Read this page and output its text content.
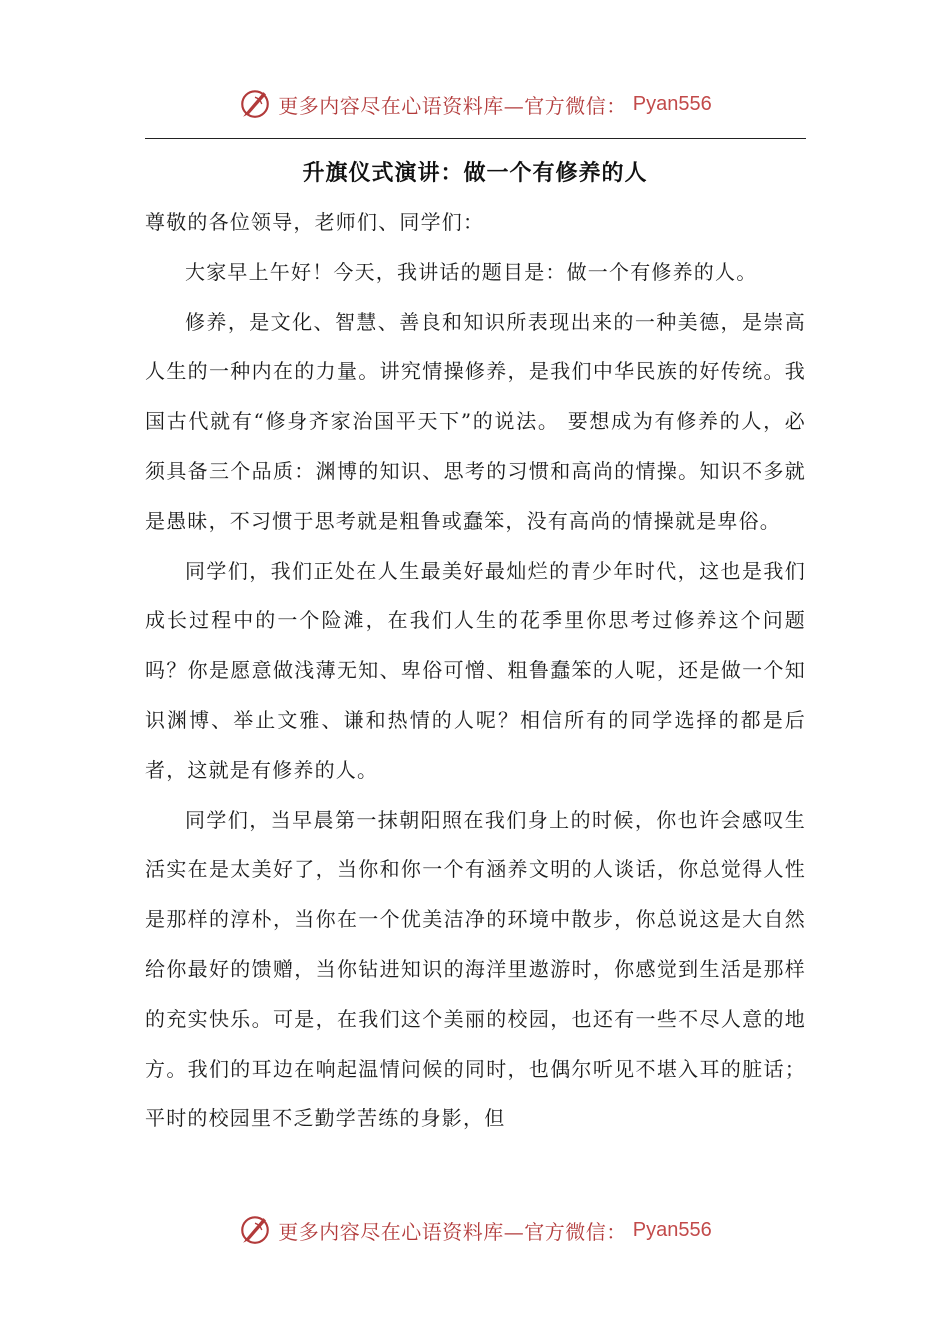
更多内容尽在心语资料库—官方微信： Pyan556
升旗仪式演讲：做一个有修养的人

尊敬的各位领导，老师们、同学们：

大家早上午好！今天，我讲话的题目是：做一个有修养的人。

修养，是文化、智慧、善良和知识所表现出来的一种美德，是崇高人生的一种内在的力量。讲究情操修养，是我们中华民族的好传统。我国古代就有“修身齐家治国平天下”的说法。 要想成为有修养的人，必须具备三个品质：渊博的知识、思考的习惯和高尚的情操。知识不多就是愚昧，不习惯于思考就是粗鲁或蠢笨，没有高尚的情操就是卑俗。

同学们，我们正处在人生最美好最灿烂的青少年时代，这也是我们成长过程中的一个险滩，在我们人生的花季里你思考过修养这个问题吗？你是愿意做浅薄无知、卑俗可憎、粗鲁蠢笨的人呢，还是做一个知识渊博、举止文雅、谦和热情的人呢？相信所有的同学选择的都是后者，这就是有修养的人。

同学们，当早晨第一抹朝阳照在我们身上的时候，你也许会感叹生活实在是太美好了，当你和你一个有涵养文明的人谈话，你总觉得人性是那样的淳朴，当你在一个优美洁净的环境中散步，你总说这是大自然给你最好的馈赠，当你钻进知识的海洋里遨游时，你感觉到生活是那样的充实快乐。可是，在我们这个美丽的校园，也还有一些不尽人意的地方。我们的耳边在响起温情问候的同时，也偶尔听见不堪入耳的脏话；平时的校园里不乏勤学苦练的身影，但

更多内容尽在心语资料库—官方微信： Pyan556
